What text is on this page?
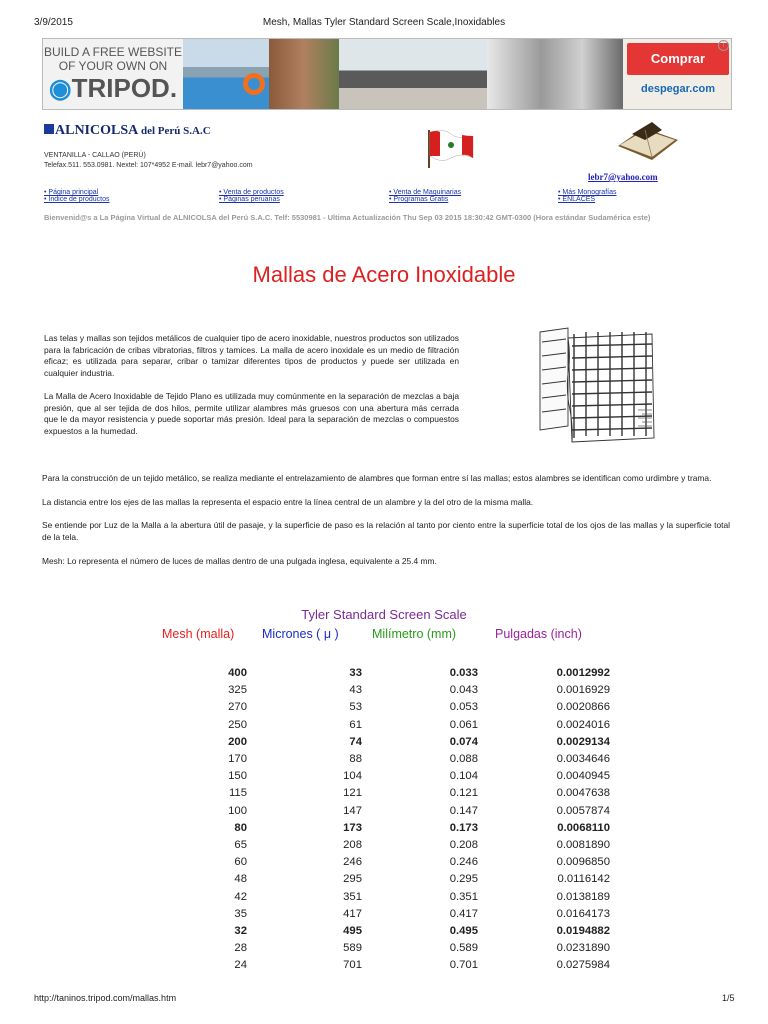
3/9/2015	Mesh, Mallas Tyler Standard Screen Scale,Inoxidables
BUILD A FREE WEBSITE
OF YOUR OWN ON
◉TRIPOD.
Comprar
despegar.com
i
ALNICOLSA del Perú S.A.C
VENTANILLA - CALLAO (PERÚ)
Telefax.511. 553.0981. Nextel: 107*4952 E-mail. lebr7@yahoo.com
lebr7@yahoo.com
• Página principal
• Índice de productos
• Venta de productos
• Páginas peruanas
• Venta de Maquinarias
• Programas Gratis
• Más Monografías
• ENLACES
Bienvenid@s a La Página Virtual de ALNICOLSA del Perú S.A.C. Telf: 5530981 - Ultima Actualización Thu Sep 03 2015 18:30:42 GMT-0300 (Hora estándar Sudamérica este)
Mallas de Acero Inoxidable
Las telas y mallas son tejidos metálicos de cualquier tipo de acero inoxidable, nuestros productos son utilizados para la fabricación de cribas vibratorias, filtros y tamices. La malla de acero inoxidale es un medio de filtración eficaz; es utilizada para separar, cribar o tamizar diferentes tipos de productos y puede ser utilizada en cualquier industria.
La Malla de Acero Inoxidable de Tejido Plano es utilizada muy comúnmente en la separación de mezclas a baja presión, que al ser tejida de dos hilos, permite utilizar alambres más gruesos con una abertura más cerrada que le da mayor resistencia y puede soportar más presión. Ideal para la separación de mezclas o compuestos expuestos a la humedad.
Para la construcción de un tejido metálico, se realiza mediante el entrelazamiento de alambres que forman entre sí las mallas; estos alambres se identifican como urdimbre y trama.
La distancia entre los ejes de las mallas la representa el espacio entre la línea central de un alambre y la del otro de la misma malla.
Se entiende por Luz de la Malla a la abertura útil de pasaje, y la superficie de paso es la relación al tanto por ciento entre la superficie total de los ojos de las mallas y la superficie total de la tela.
Mesh: Lo representa el número de luces de mallas dentro de una pulgada inglesa, equivalente a 25.4 mm.
Tyler Standard Screen Scale
Mesh (malla) Micrones ( μ )	Milímetro (mm)	Pulgadas (inch)
400	33	0.033	0.0012992
325	43	0.043	0.0016929
270	53	0.053	0.0020866
250	61	0.061	0.0024016
200	74	0.074	0.0029134
170	88	0.088	0.0034646
150	104	0.104	0.0040945
115	121	0.121	0.0047638
100	147	0.147	0.0057874
80	173	0.173	0.0068110
65	208	0.208	0.0081890
60	246	0.246	0.0096850
48	295	0.295	0.0116142
42	351	0.351	0.0138189
35	417	0.417	0.0164173
32	495	0.495	0.0194882
28	589	0.589	0.0231890
24	701	0.701	0.0275984
http://taninos.tripod.com/mallas.htm	1/5
